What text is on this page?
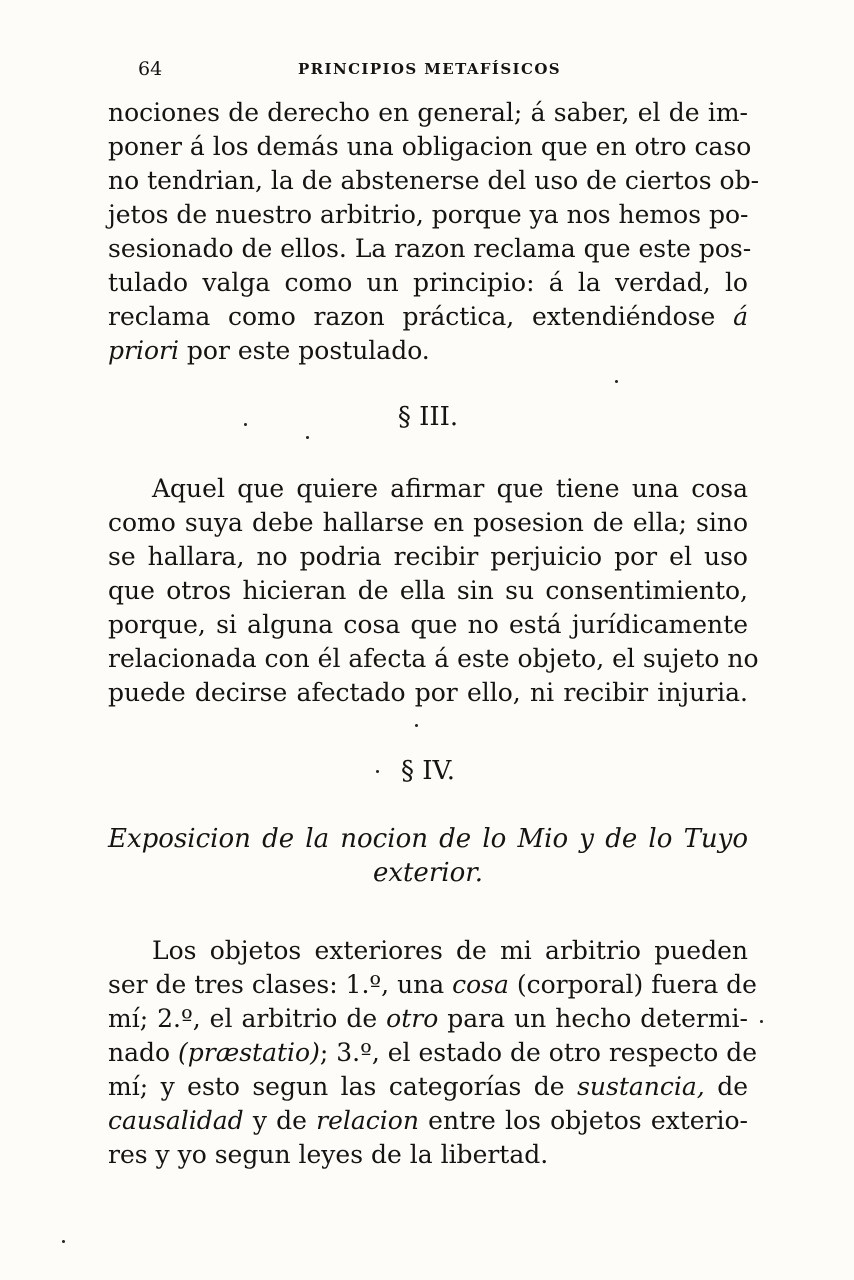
64	PRINCIPIOS METAFÍSICOS
nociones de derecho en general; á saber, el de im-
poner á los demás una obligacion que en otro caso
no tendrian, la de abstenerse del uso de ciertos ob-
jetos de nuestro arbitrio, porque ya nos hemos po-
sesionado de ellos. La razon reclama que este pos-
tulado valga como un principio: á la verdad, lo
reclama como razon práctica, extendiéndose á
priori por este postulado.
§ III.
Aquel que quiere afirmar que tiene una cosa
como suya debe hallarse en posesion de ella; sino
se hallara, no podria recibir perjuicio por el uso
que otros hicieran de ella sin su consentimiento,
porque, si alguna cosa que no está jurídicamente
relacionada con él afecta á este objeto, el sujeto no
puede decirse afectado por ello, ni recibir injuria.
§ IV.
Exposicion de la nocion de lo Mio y de lo Tuyo
exterior.
Los objetos exteriores de mi arbitrio pueden
ser de tres clases: 1.º, una cosa (corporal) fuera de
mí; 2.º, el arbitrio de otro para un hecho determi-
nado (præstatio); 3.º, el estado de otro respecto de
mí; y esto segun las categorías de sustancia, de
causalidad y de relacion entre los objetos exterio-
res y yo segun leyes de la libertad.
